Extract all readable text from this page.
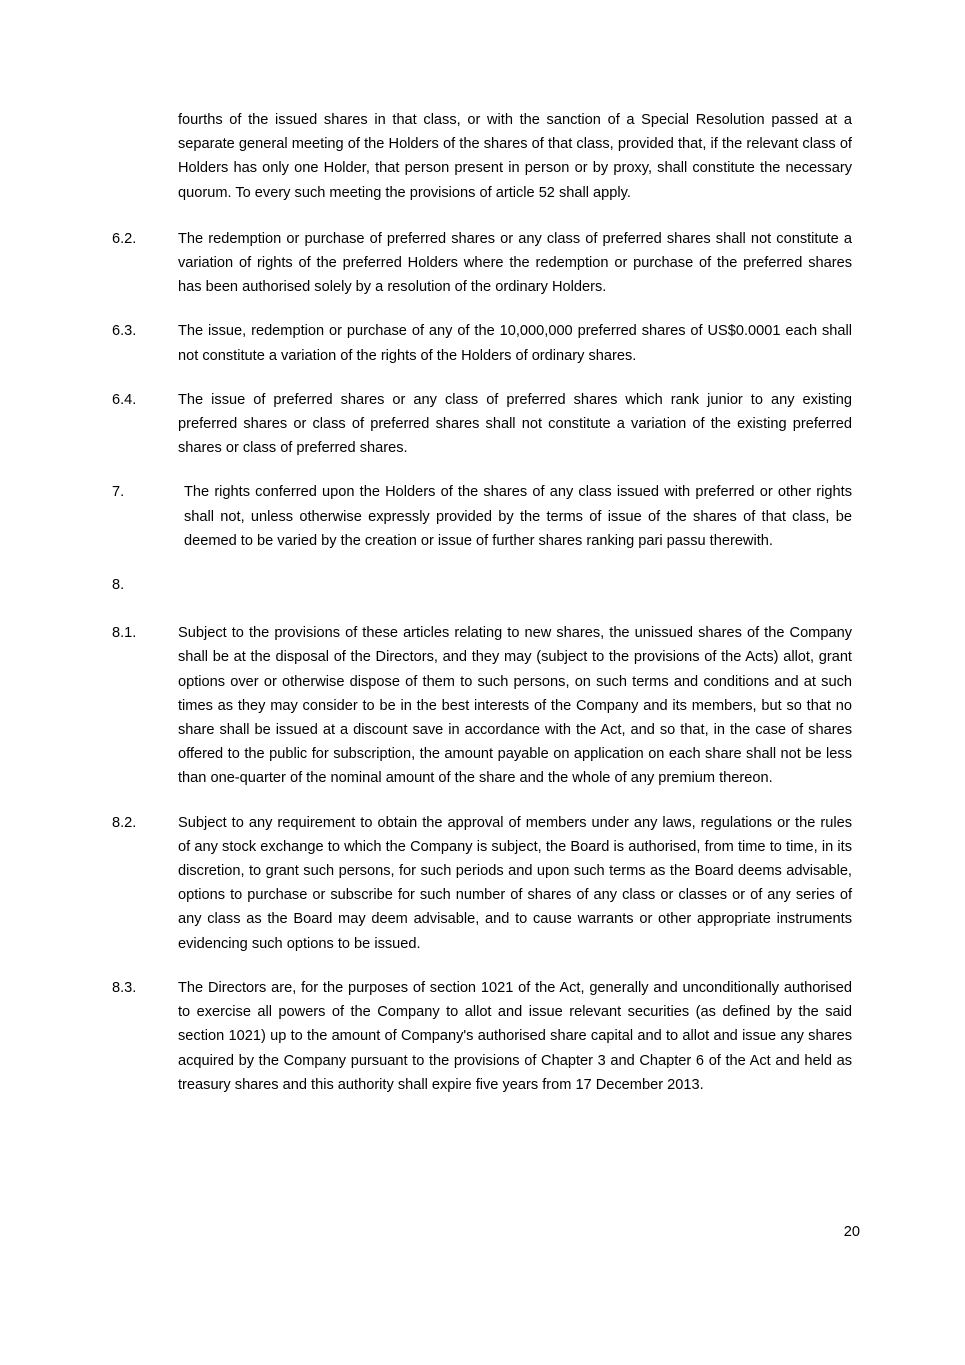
fourths of the issued shares in that class, or with the sanction of a Special Resolution passed at a separate general meeting of the Holders of the shares of that class, provided that, if the relevant class of Holders has only one Holder, that person present in person or by proxy, shall constitute the necessary quorum. To every such meeting the provisions of article 52 shall apply.
6.2.	The redemption or purchase of preferred shares or any class of preferred shares shall not constitute a variation of rights of the preferred Holders where the redemption or purchase of the preferred shares has been authorised solely by a resolution of the ordinary Holders.
6.3.	The issue, redemption or purchase of any of the 10,000,000 preferred shares of US$0.0001 each shall not constitute a variation of the rights of the Holders of ordinary shares.
6.4.	The issue of preferred shares or any class of preferred shares which rank junior to any existing preferred shares or class of preferred shares shall not constitute a variation of the existing preferred shares or class of preferred shares.
7.	The rights conferred upon the Holders of the shares of any class issued with preferred or other rights shall not, unless otherwise expressly provided by the terms of issue of the shares of that class, be deemed to be varied by the creation or issue of further shares ranking pari passu therewith.
8.
8.1.	Subject to the provisions of these articles relating to new shares, the unissued shares of the Company shall be at the disposal of the Directors, and they may (subject to the provisions of the Acts) allot, grant options over or otherwise dispose of them to such persons, on such terms and conditions and at such times as they may consider to be in the best interests of the Company and its members, but so that no share shall be issued at a discount save in accordance with the Act, and so that, in the case of shares offered to the public for subscription, the amount payable on application on each share shall not be less than one-quarter of the nominal amount of the share and the whole of any premium thereon.
8.2.	Subject to any requirement to obtain the approval of members under any laws, regulations or the rules of any stock exchange to which the Company is subject, the Board is authorised, from time to time, in its discretion, to grant such persons, for such periods and upon such terms as the Board deems advisable, options to purchase or subscribe for such number of shares of any class or classes or of any series of any class as the Board may deem advisable, and to cause warrants or other appropriate instruments evidencing such options to be issued.
8.3.	The Directors are, for the purposes of section 1021 of the Act, generally and unconditionally authorised to exercise all powers of the Company to allot and issue relevant securities (as defined by the said section 1021) up to the amount of Company's authorised share capital and to allot and issue any shares acquired by the Company pursuant to the provisions of Chapter 3 and Chapter 6 of the Act and held as treasury shares and this authority shall expire five years from 17 December 2013.
20
